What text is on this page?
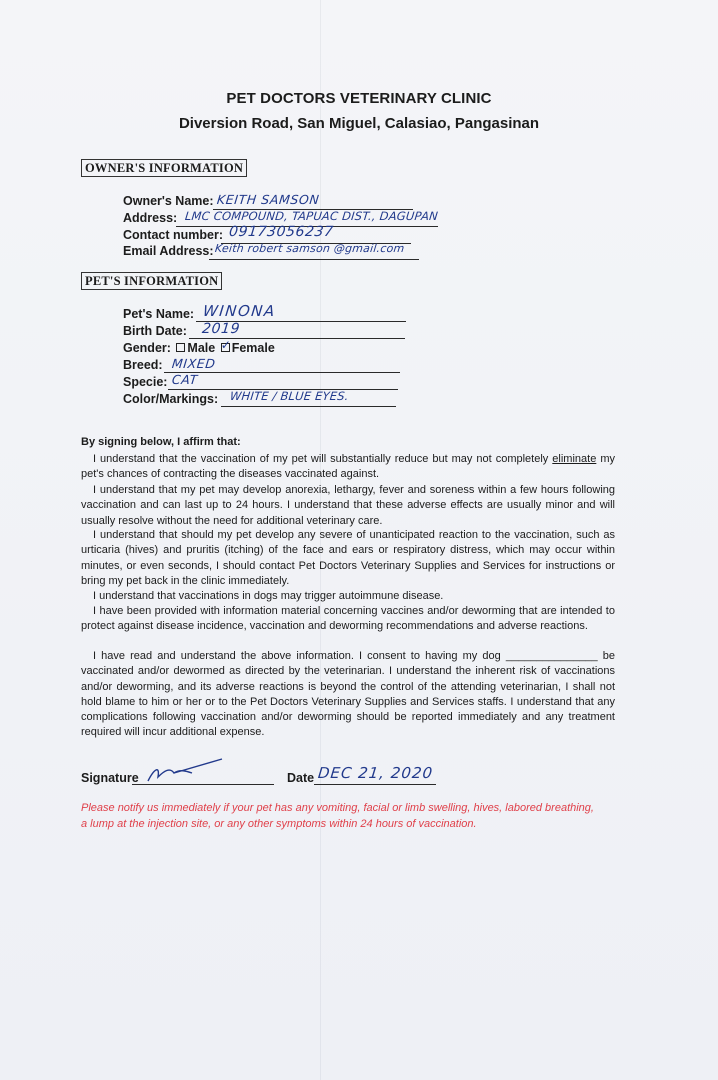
PET DOCTORS VETERINARY CLINIC
Diversion Road, San Miguel, Calasiao, Pangasinan
OWNER'S INFORMATION
Owner's Name: KEITH SAMSON
Address: LMC COMPOUND, TAPUAC DIST., DAGUPAN
Contact number: 09173056237
Email Address: Keith robert samson @gmail.com
PET'S INFORMATION
Pet's Name: WINONA
Birth Date: 2019
Gender: Male ✓ Female
Breed: MIXED
Specie: CAT
Color/Markings: WHITE / BLUE EYES.
By signing below, I affirm that:
I understand that the vaccination of my pet will substantially reduce but may not completely eliminate my pet's chances of contracting the diseases vaccinated against.
I understand that my pet may develop anorexia, lethargy, fever and soreness within a few hours following vaccination and can last up to 24 hours. I understand that these adverse effects are usually minor and will usually resolve without the need for additional veterinary care.
I understand that should my pet develop any severe of unanticipated reaction to the vaccination, such as urticaria (hives) and pruritis (itching) of the face and ears or respiratory distress, which may occur within minutes, or even seconds, I should contact Pet Doctors Veterinary Supplies and Services for instructions or bring my pet back in the clinic immediately.
I understand that vaccinations in dogs may trigger autoimmune disease.
I have been provided with information material concerning vaccines and/or deworming that are intended to protect against disease incidence, vaccination and deworming recommendations and adverse reactions.
I have read and understand the above information. I consent to having my dog _______________ be vaccinated and/or dewormed as directed by the veterinarian. I understand the inherent risk of vaccinations and/or deworming, and its adverse reactions is beyond the control of the attending veterinarian, I shall not hold blame to him or her or to the Pet Doctors Veterinary Supplies and Services staffs. I understand that any complications following vaccination and/or deworming should be reported immediately and any treatment required will incur additional expense.
Signature	Date DEC 21, 2020
Please notify us immediately if your pet has any vomiting, facial or limb swelling, hives, labored breathing, a lump at the injection site, or any other symptoms within 24 hours of vaccination.
